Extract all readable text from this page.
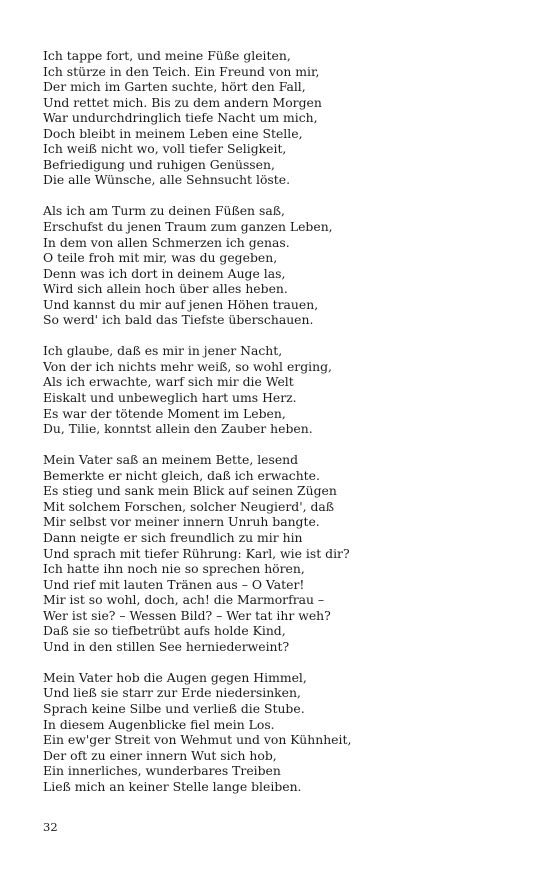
Ich tappe fort, und meine Füße gleiten,
Ich stürze in den Teich. Ein Freund von mir,
Der mich im Garten suchte, hört den Fall,
Und rettet mich. Bis zu dem andern Morgen
War undurchdringlich tiefe Nacht um mich,
Doch bleibt in meinem Leben eine Stelle,
Ich weiß nicht wo, voll tiefer Seligkeit,
Befriedigung und ruhigen Genüssen,
Die alle Wünsche, alle Sehnsucht löste.
Als ich am Turm zu deinen Füßen saß,
Erschufst du jenen Traum zum ganzen Leben,
In dem von allen Schmerzen ich genas.
O teile froh mit mir, was du gegeben,
Denn was ich dort in deinem Auge las,
Wird sich allein hoch über alles heben.
Und kannst du mir auf jenen Höhen trauen,
So werd' ich bald das Tiefste überschauen.
Ich glaube, daß es mir in jener Nacht,
Von der ich nichts mehr weiß, so wohl erging,
Als ich erwachte, warf sich mir die Welt
Eiskalt und unbeweglich hart ums Herz.
Es war der tötende Moment im Leben,
Du, Tilie, konntst allein den Zauber heben.
Mein Vater saß an meinem Bette, lesend
Bemerkte er nicht gleich, daß ich erwachte.
Es stieg und sank mein Blick auf seinen Zügen
Mit solchem Forschen, solcher Neugierd', daß
Mir selbst vor meiner innern Unruh bangte.
Dann neigte er sich freundlich zu mir hin
Und sprach mit tiefer Rührung: Karl, wie ist dir?
Ich hatte ihn noch nie so sprechen hören,
Und rief mit lauten Tränen aus – O Vater!
Mir ist so wohl, doch, ach! die Marmorfrau –
Wer ist sie? – Wessen Bild? – Wer tat ihr weh?
Daß sie so tiefbetrübt aufs holde Kind,
Und in den stillen See herniederweint?
Mein Vater hob die Augen gegen Himmel,
Und ließ sie starr zur Erde niedersinken,
Sprach keine Silbe und verließ die Stube.
In diesem Augenblicke fiel mein Los.
Ein ew'ger Streit von Wehmut und von Kühnheit,
Der oft zu einer innern Wut sich hob,
Ein innerliches, wunderbares Treiben
Ließ mich an keiner Stelle lange bleiben.
32
